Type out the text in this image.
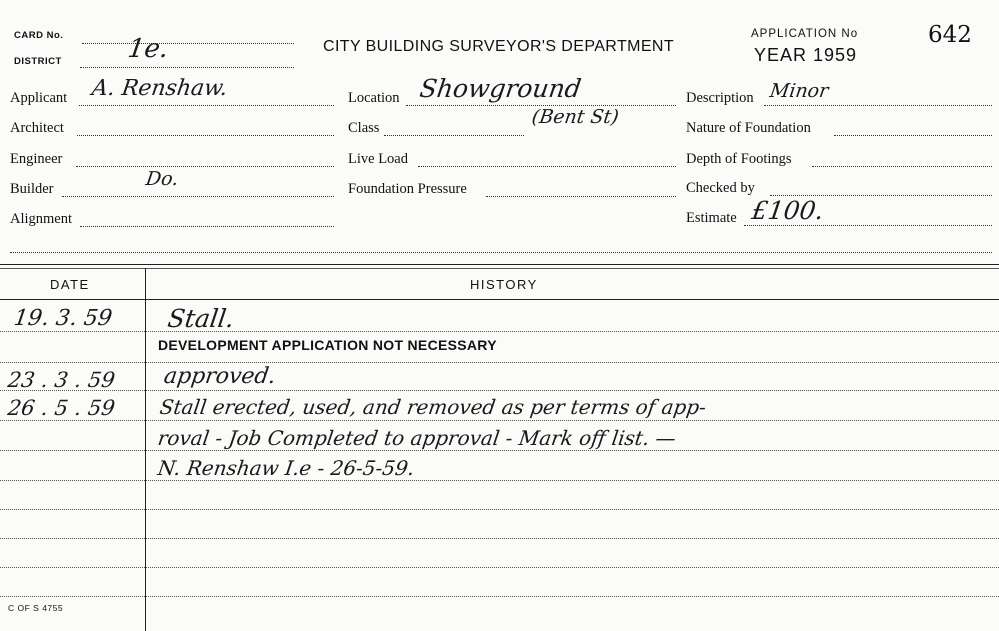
CARD No.
DISTRICT 1e.	CITY BUILDING SURVEYOR'S DEPARTMENT
APPLICATION No
YEAR 1959
642
Applicant A. Renshaw.
Architect
Engineer
Builder	Do.
Alignment
Location Showground
(Bent St)
Class
Live Load
Foundation Pressure
Description Minor
Nature of Foundation
Depth of Footings
Checked by
Estimate £100.
DATE	HISTORY
19. 3. 59 Stall.
DEVELOPMENT APPLICATION NOT NECESSARY
23 . 3 . 59 approved.
26 . 5 . 59 Stall erected, used, and removed as per terms of app-
roval - Job Completed to approval - Mark off list. —
N. Renshaw I.e - 26-5-59.
C OF S 4755
